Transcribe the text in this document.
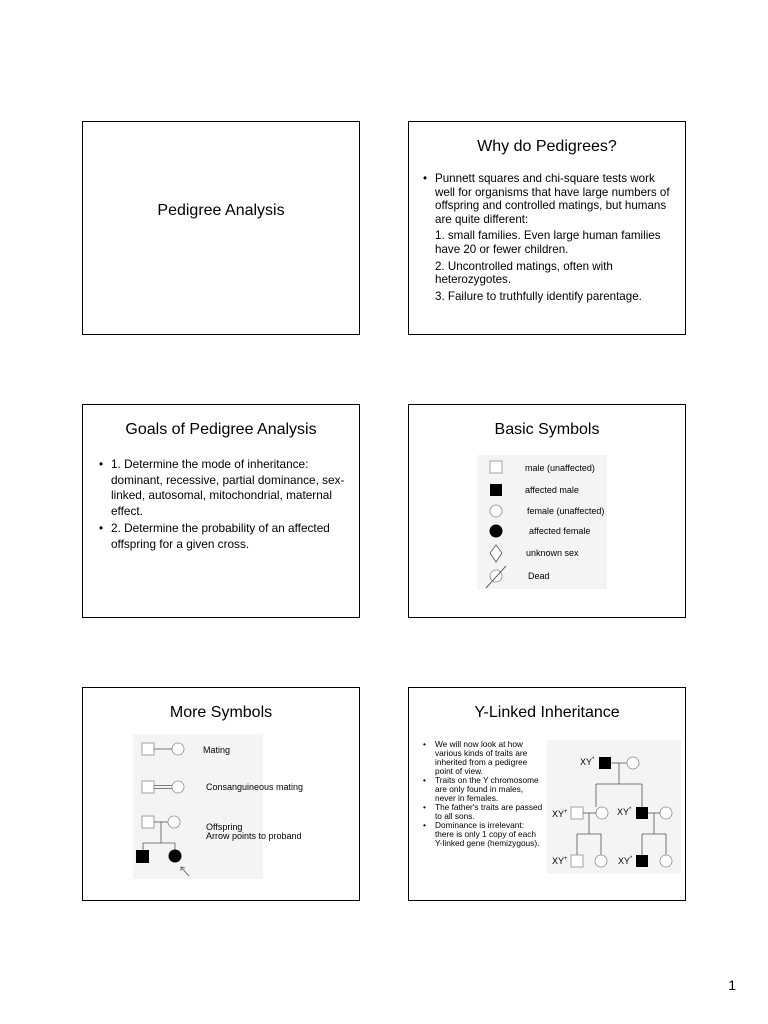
Pedigree Analysis
Why do Pedigrees?
• Punnett squares and chi-square tests work well for organisms that have large numbers of offspring and controlled matings, but humans are quite different:
1. small families. Even large human families have 20 or fewer children.
2. Uncontrolled matings, often with heterozygotes.
3. Failure to truthfully identify parentage.
Goals of Pedigree Analysis
• 1. Determine the mode of inheritance: dominant, recessive, partial dominance, sex-linked, autosomal, mitochondrial, maternal effect.
• 2. Determine the probability of an affected offspring for a given cross.
Basic Symbols
male (unaffected)
affected male
female (unaffected)
affected female
unknown sex
Dead
More Symbols
Mating
Consanguineous mating
Offspring
Arrow points to proband
Y-Linked Inheritance
• We will now look at how various kinds of traits are inherited from a pedigree point of view.
• Traits on the Y chromosome are only found in males, never in females.
• The father's traits are passed to all sons.
• Dominance is irrelevant: there is only 1 copy of each Y-linked gene (hemizygous).
XY*
XY+	XY*
XY+	XY*
1
